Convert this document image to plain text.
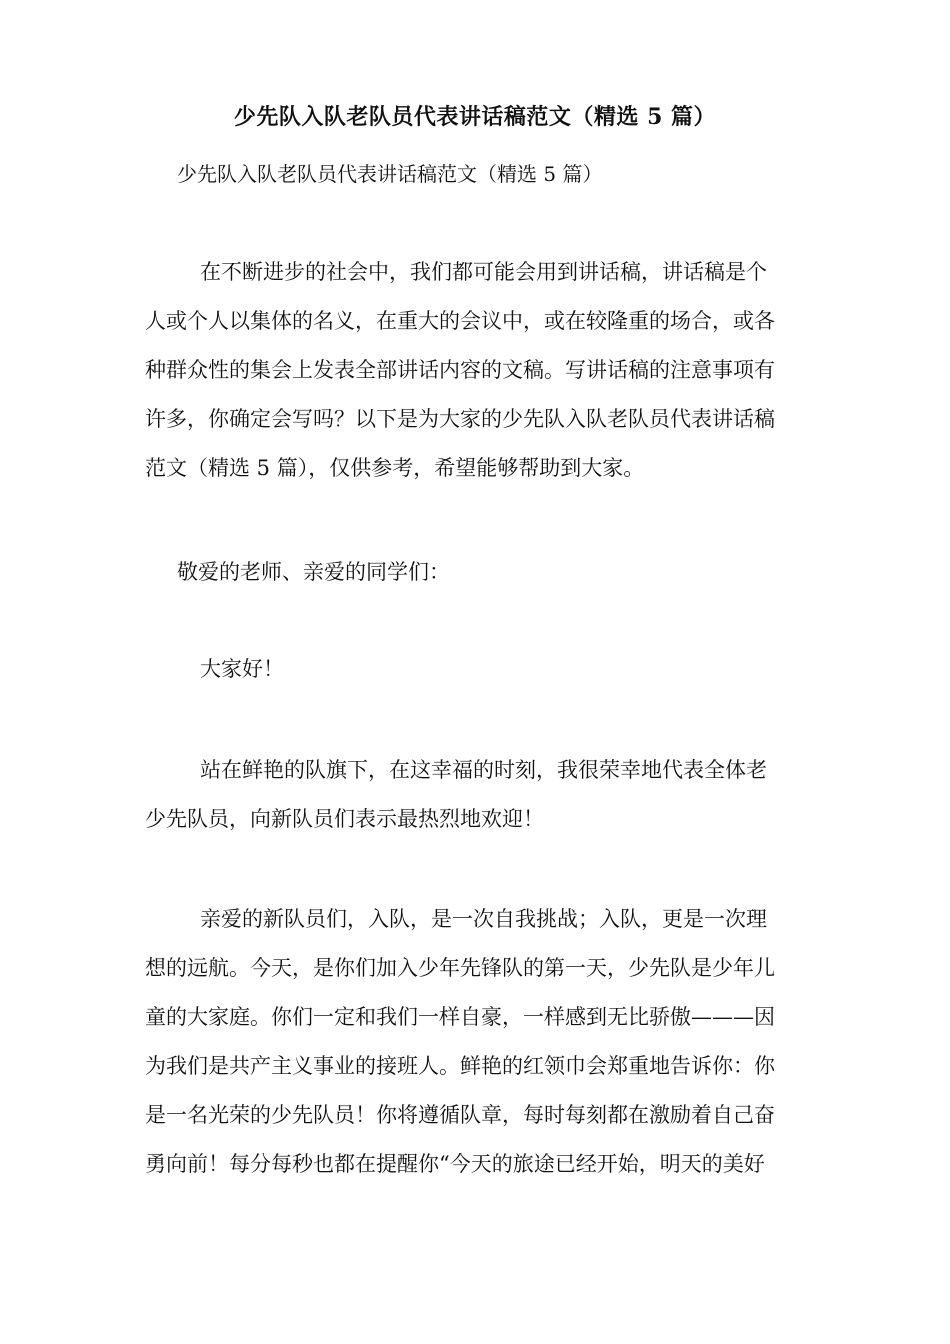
少先队入队老队员代表讲话稿范文（精选 5 篇）
少先队入队老队员代表讲话稿范文（精选 5 篇）
在不断进步的社会中，我们都可能会用到讲话稿，讲话稿是个
人或个人以集体的名义，在重大的会议中，或在较隆重的场合，或各
种群众性的集会上发表全部讲话内容的文稿。写讲话稿的注意事项有
许多，你确定会写吗？以下是为大家的少先队入队老队员代表讲话稿
范文（精选 5 篇），仅供参考，希望能够帮助到大家。
敬爱的老师、亲爱的同学们：
大家好！
站在鲜艳的队旗下，在这幸福的时刻，我很荣幸地代表全体老
少先队员，向新队员们表示最热烈地欢迎！
亲爱的新队员们，入队，是一次自我挑战；入队，更是一次理
想的远航。今天，是你们加入少年先锋队的第一天，少先队是少年儿
童的大家庭。你们一定和我们一样自豪，一样感到无比骄傲———因
为我们是共产主义事业的接班人。鲜艳的红领巾会郑重地告诉你：你
是一名光荣的少先队员！你将遵循队章，每时每刻都在激励着自己奋
勇向前！每分每秒也都在提醒你“今天的旅途已经开始，明天的美好
